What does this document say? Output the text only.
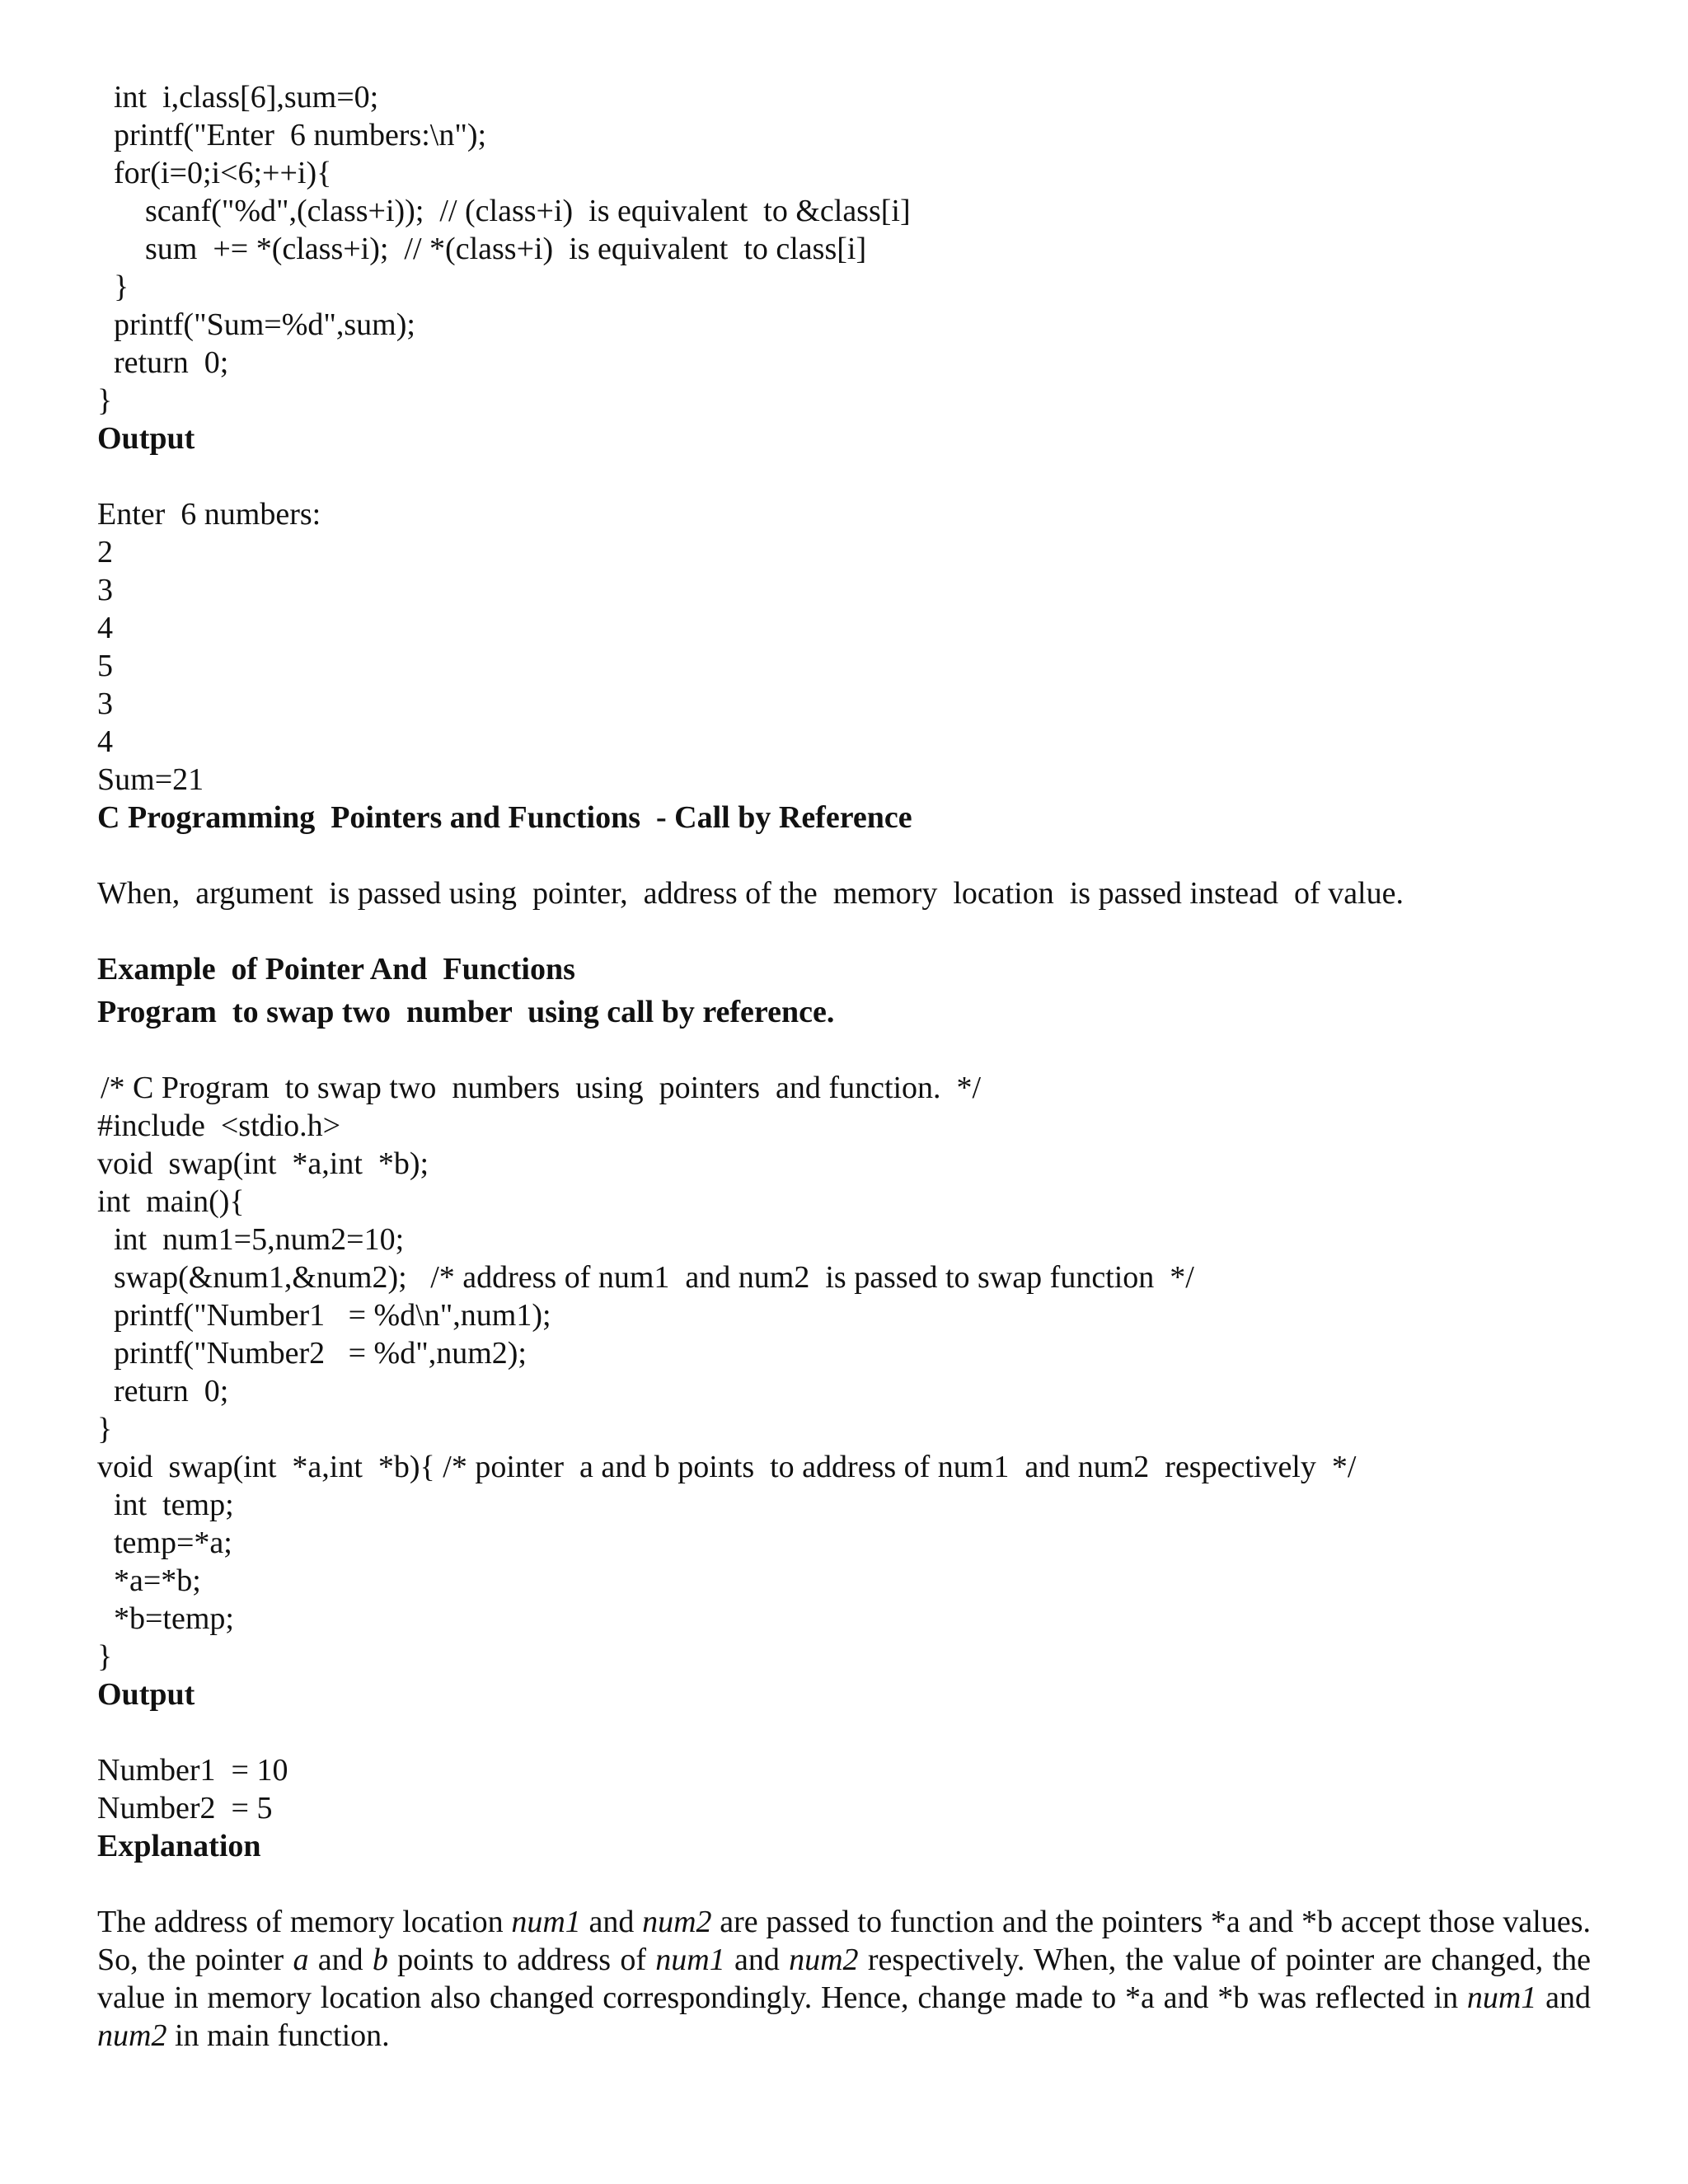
int  i,class[6],sum=0;
printf("Enter  6 numbers:\n");
for(i=0;i<6;++i){
scanf("%d",(class+i));  // (class+i)  is equivalent  to &class[i]
sum  += *(class+i);  // *(class+i)  is equivalent  to class[i]
}
printf("Sum=%d",sum);
return  0;
}
Output
Enter  6 numbers:
2
3
4
5
3
4
Sum=21
C Programming  Pointers and Functions  - Call by Reference
When,  argument  is passed using  pointer,  address of the  memory  location  is passed instead  of value.
Example  of Pointer And  Functions
Program  to swap two  number  using call by reference.
/* C Program  to swap two  numbers  using  pointers  and function.  */
#include  <stdio.h>
void  swap(int  *a,int  *b);
int  main(){
int  num1=5,num2=10;
swap(&num1,&num2);   /* address of num1  and num2  is passed to swap function  */
printf("Number1   = %d\n",num1);
printf("Number2   = %d",num2);
return  0;
}
void  swap(int  *a,int  *b){ /* pointer  a and b points  to address of num1  and num2  respectively  */
int  temp;
temp=*a;
*a=*b;
*b=temp;
}
Output
Number1  = 10
Number2  = 5
Explanation

The address of memory location num1 and num2 are passed to function and the pointers *a and *b accept those values. So, the pointer a and b points to address of num1 and num2 respectively. When, the value of pointer are changed, the value in memory location also changed correspondingly. Hence, change made to *a and *b was reflected in num1 and num2 in main function.
